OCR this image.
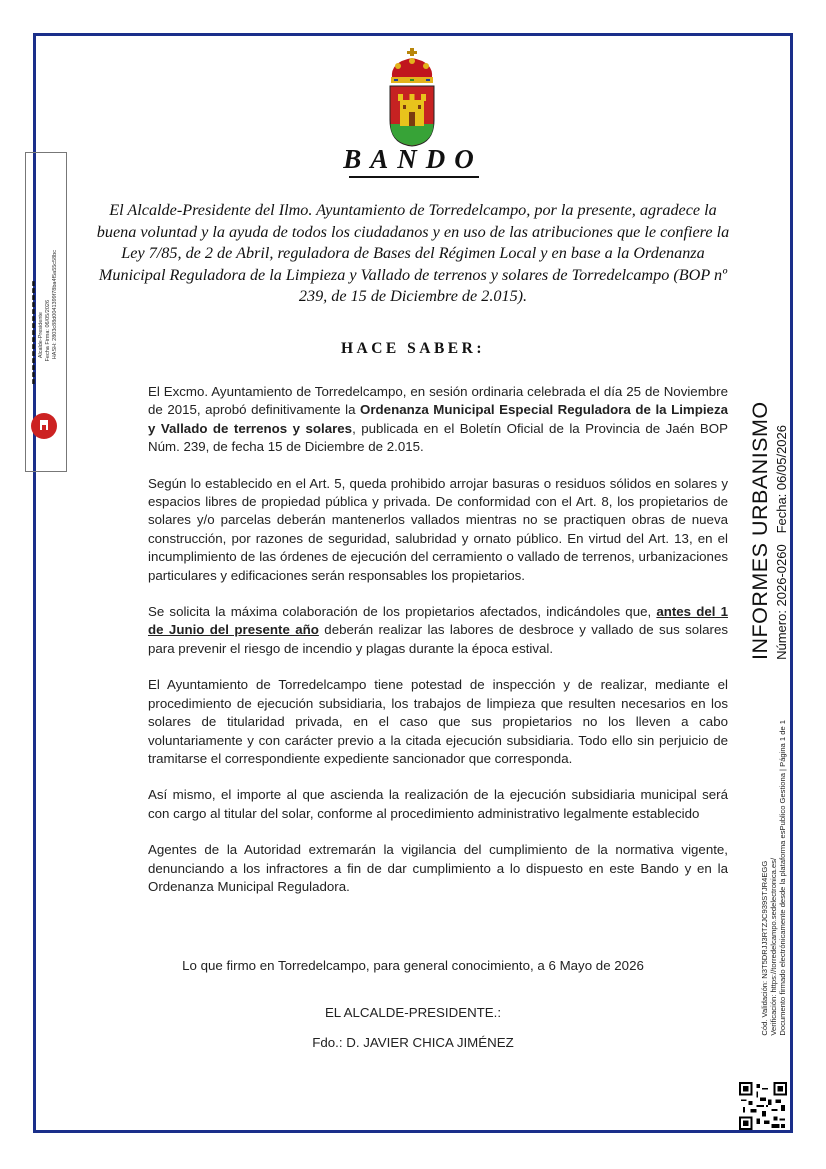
BANDO
El Alcalde-Presidente del Ilmo. Ayuntamiento de Torredelcampo, por la presente, agradece la buena voluntad y la ayuda de todos los ciudadanos y en uso de las atribuciones que le confiere la Ley 7/85, de 2 de Abril, reguladora de Bases del Régimen Local y en base a la Ordenanza Municipal Reguladora de la Limpieza y Vallado de terrenos y solares de Torredelcampo (BOP nº 239, de 15 de Diciembre de 2.015).
HACE SABER:

El Excmo. Ayuntamiento de Torredelcampo, en sesión ordinaria celebrada el día 25 de Noviembre de 2015, aprobó definitivamente la Ordenanza Municipal Especial Reguladora de la Limpieza y Vallado de terrenos y solares, publicada en el Boletín Oficial de la Provincia de Jaén BOP Núm. 239, de fecha 15 de Diciembre de 2.015.

Según lo establecido en el Art. 5, queda prohibido arrojar basuras o residuos sólidos en solares y espacios libres de propiedad pública y privada. De conformidad con el Art. 8, los propietarios de solares y/o parcelas deberán mantenerlos vallados mientras no se practiquen obras de nueva construcción, por razones de seguridad, salubridad y ornato público. En virtud del Art. 13, en el incumplimiento de las órdenes de ejecución del cerramiento o vallado de terrenos, urbanizaciones particulares y edificaciones serán responsables los propietarios.

Se solicita la máxima colaboración de los propietarios afectados, indicándoles que, antes del 1 de Junio del presente año deberán realizar las labores de desbroce y vallado de sus solares para prevenir el riesgo de incendio y plagas durante la época estival.

El Ayuntamiento de Torredelcampo tiene potestad de inspección y de realizar, mediante el procedimiento de ejecución subsidiaria, los trabajos de limpieza que resulten necesarios en los solares de titularidad privada, en el caso que sus propietarios no los lleven a cabo voluntariamente y con carácter previo a la citada ejecución subsidiaria. Todo ello sin perjuicio de tramitarse el correspondiente expediente sancionador que corresponda.

Así mismo, el importe al que ascienda la realización de la ejecución subsidiaria municipal será con cargo al titular del solar, conforme al procedimiento administrativo legalmente establecido

Agentes de la Autoridad extremarán la vigilancia del cumplimiento de la normativa vigente, denunciando a los infractores a fin de dar cumplimiento a lo dispuesto en este Bando y en la Ordenanza Municipal Reguladora.

Lo que firmo en Torredelcampo, para general conocimiento, a 6 Mayo de 2026
EL ALCALDE-PRESIDENTE.:
Fdo.: D. JAVIER CHICA JIMÉNEZ
▮▮▮▮▮▮▮▮▮▮▮▮▮▮▮ Alcalde-Presidente Fecha Firma: 06/05/2026 HASH: 2803c88d0041399f78ba4f5a55c58bc
INFORMES URBANISMO Número: 2026-0260   Fecha: 06/05/2026
Cód. Validación: N3T5DRJJ3RTZJC939STJR4EGG Verificación: https://torredelcampo.sedelectronica.es/ Documento firmado electrónicamente desde la plataforma esPublico Gestiona | Página 1 de 1
